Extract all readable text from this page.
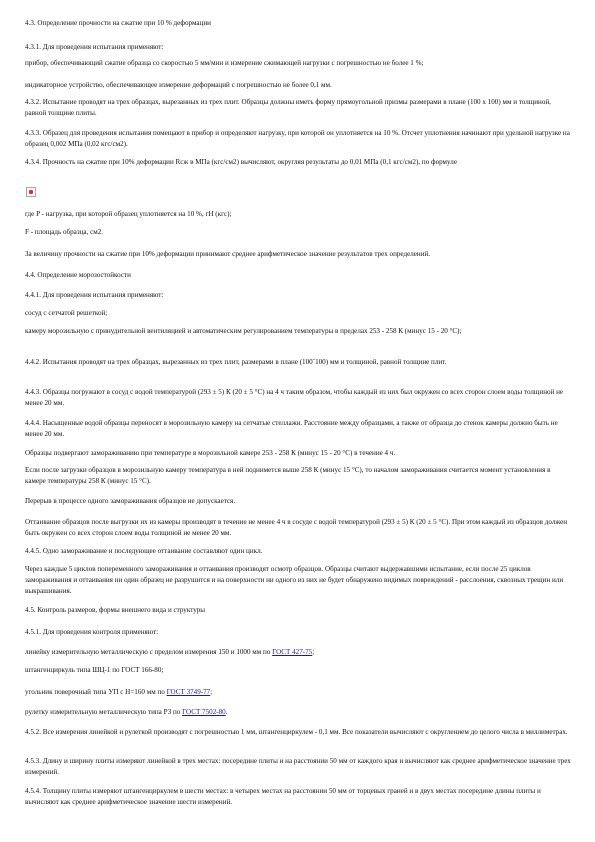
4.3. Определение прочности на сжатие при 10 % деформации

4.3.1. Для проведения испытания применяют:

прибор, обеспечивающий сжатие образца со скоростью 5 мм/мин и измерение сжимающей нагрузки с погрешностью не более 1 %;

индикаторное устройство, обеспечивающее измерение деформаций с погрешностью не более 0,1 мм.

4.3.2. Испытание проводят на трех образцах, вырезанных из трех плит. Образцы должны иметь форму прямоугольной призмы размерами в плане (100 х 100) мм и толщиной, равной толщине плиты.

4.3.3. Образец для проведения испытания помещают в прибор и определяют нагрузку, при которой он уплотняется на 10 %. Отсчет уплотнения начинают при удельной нагрузке на образец 0,002 МПа (0,02 кгс/см2).

4.3.4. Прочность на сжатие при 10% деформации Rсж в МПа (кгс/см2) вычисляют, округляя результаты до 0,01 МПа (0,1 кгс/см2), по формуле

где P - нагрузка, при которой образец уплотняется на 10 %, гН (кгс);

F - площадь образца, см2.

За величину прочности на сжатие при 10% деформации принимают среднее арифметическое значение результатов трех определений.

4.4. Определение морозостойкости

4.4.1. Для проведения испытания применяют:

сосуд с сетчатой решеткой;

камеру морозильную с принудительной вентиляцией и автоматическим регулированием температуры в пределах 253 - 258 К (минус 15 - 20 °С);

4.4.2. Испытания проводят на трех образцах, вырезанных из трех плит, размерами в плане (100ˉ100) мм и толщиной, равной толщине плит.

4.4.3. Образцы погружают в сосуд с водой температурой (293 ± 5) К (20 ± 5 °С) на 4 ч таким образом, чтобы каждый из них был окружен со всех сторон слоем воды толщиной не менее 20 мм.

4.4.4. Насыщенные водой образцы переносят в морозильную камеру на сетчатые стеллажи. Расстояние между образцами, а также от образца до стенок камеры должно быть не менее 20 мм.

Образцы подвергают замораживанию при температуре в морозильной камере 253 - 258 К (минус 15 - 20 °С) в течение 4 ч.

Если после загрузки образцов в морозильную камеру температура в ней поднимется выше 258 К (минус 15 °С), то началом замораживания считается момент установления в камере температуры 258 К (минус 15 °С).

Перерыв в процессе одного замораживания образцов не допускается.

Оттаивание образцов после выгрузки их из камеры производят в течение не менее 4 ч в сосуде с водой температурой (293 ± 5) К (20 ± 5 °С). При этом каждый из образцов должен быть окружен со всех сторон слоем воды толщиной не менее 20 мм.

4.4.5. Одно замораживание и последующее оттаивание составляют один цикл.

Через каждые 5 циклов попеременного замораживания и оттаивания производят осмотр образцов. Образцы считают выдержавшими испытание, если после 25 циклов замораживания и оттаивания ни один образец не разрушится и на поверхности ни одного из них не будет обнаружено видимых повреждений - расслоения, сквозных трещин или выкрашивания.

4.5. Контроль размеров, формы внешнего вида и структуры

4.5.1. Для проведения контроля применяют:

линейку измерительную металлическую с пределом измерения 150 и 1000 мм по ГОСТ 427-75;

штангенциркуль типа ШЦ-1 по ГОСТ 166-80;

угольник поверочный типа УП с H=160 мм по ГОСТ 3749-77;

рулетку измерительную металлическую типа РЗ по ГОСТ 7502-80.

4.5.2. Все измерения линейкой и рулеткой производят с погрешностью 1 мм, штангенциркулем - 0,1 мм. Все показатели вычисляют с округлением до целого числа в миллиметрах.

4.5.3. Длину и ширину плиты измеряют линейкой в трех местах: посередине плиты и на расстоянии 50 мм от каждого края и вычисляют как среднее арифметическое значение трех измерений.

4.5.4. Толщину плиты измеряют штангенциркулем в шести местах: в четырех местах на расстоянии 50 мм от торцевых граней и в двух местах посередине длины плиты и вычисляют как среднее арифметическое значение шести измерений.
